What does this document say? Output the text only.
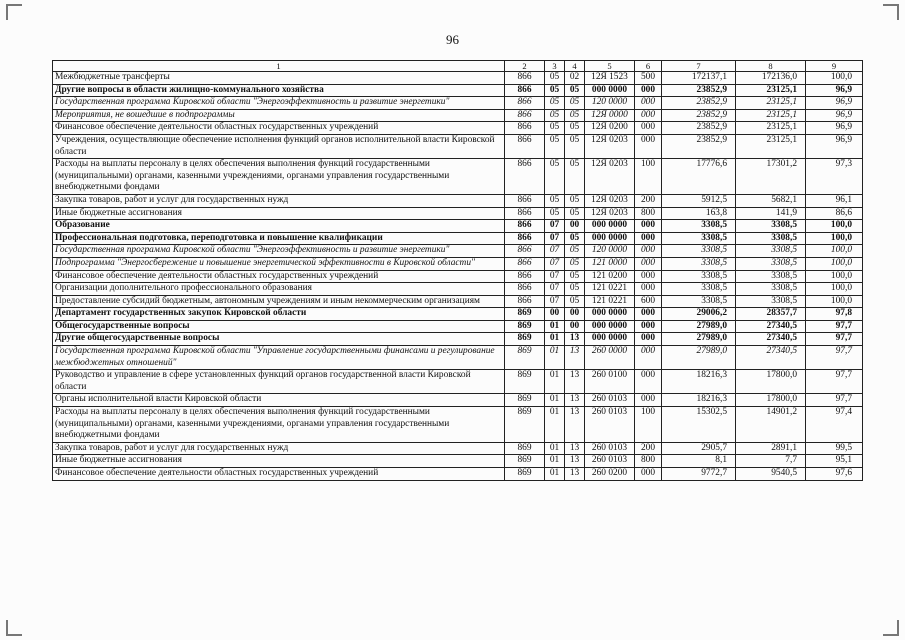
96
1	2	3	4	5	6	7	8	9
Межбюджетные трансферты	866	05	02	12Я 1523	500	172137,1	172136,0	100,0
Другие вопросы в области жилищно-коммунального хозяйства	866	05	05	000 0000	000	23852,9	23125,1	96,9
Государственная программа Кировской области "Энергоэффективность и развитие энергетики"	866	05	05	120 0000	000	23852,9	23125,1	96,9
Мероприятия, не вошедшие в подпрограммы	866	05	05	12Я 0000	000	23852,9	23125,1	96,9
Финансовое обеспечение деятельности областных государственных учреждений	866	05	05	12Я 0200	000	23852,9	23125,1	96,9
Учреждения, осуществляющие обеспечение исполнения функций органов исполнительной власти Кировской области	866	05	05	12Я 0203	000	23852,9	23125,1	96,9
Расходы на выплаты персоналу в целях обеспечения выполнения функций государственными (муниципальными) органами, казенными учреждениями, органами управления государственными внебюджетными фондами	866	05	05	12Я 0203	100	17776,6	17301,2	97,3
Закупка товаров, работ и услуг для государственных нужд	866	05	05	12Я 0203	200	5912,5	5682,1	96,1
Иные бюджетные ассигнования	866	05	05	12Я 0203	800	163,8	141,9	86,6
Образование	866	07	00	000 0000	000	3308,5	3308,5	100,0
Профессиональная подготовка, переподготовка и повышение квалификации	866	07	05	000 0000	000	3308,5	3308,5	100,0
Государственная программа Кировской области "Энергоэффективность и развитие энергетики"	866	07	05	120 0000	000	3308,5	3308,5	100,0
Подпрограмма "Энергосбережение и повышение энергетической эффективности в Кировской области"	866	07	05	121 0000	000	3308,5	3308,5	100,0
Финансовое обеспечение деятельности областных государственных учреждений	866	07	05	121 0200	000	3308,5	3308,5	100,0
Организации дополнительного профессионального образования	866	07	05	121 0221	000	3308,5	3308,5	100,0
Предоставление субсидий бюджетным, автономным учреждениям и иным некоммерческим организациям	866	07	05	121 0221	600	3308,5	3308,5	100,0
Департамент государственных закупок Кировской области	869	00	00	000 0000	000	29006,2	28357,7	97,8
Общегосударственные вопросы	869	01	00	000 0000	000	27989,0	27340,5	97,7
Другие общегосударственные вопросы	869	01	13	000 0000	000	27989,0	27340,5	97,7
Государственная программа Кировской области "Управление государственными финансами и регулирование межбюджетных отношений"	869	01	13	260 0000	000	27989,0	27340,5	97,7
Руководство и управление в сфере установленных функций органов государственной власти Кировской области	869	01	13	260 0100	000	18216,3	17800,0	97,7
Органы исполнительной власти Кировской области	869	01	13	260 0103	000	18216,3	17800,0	97,7
Расходы на выплаты персоналу в целях обеспечения выполнения функций государственными (муниципальными) органами, казенными учреждениями, органами управления государственными внебюджетными фондами	869	01	13	260 0103	100	15302,5	14901,2	97,4
Закупка товаров, работ и услуг для государственных нужд	869	01	13	260 0103	200	2905,7	2891,1	99,5
Иные бюджетные ассигнования	869	01	13	260 0103	800	8,1	7,7	95,1
Финансовое обеспечение деятельности областных государственных учреждений	869	01	13	260 0200	000	9772,7	9540,5	97,6
